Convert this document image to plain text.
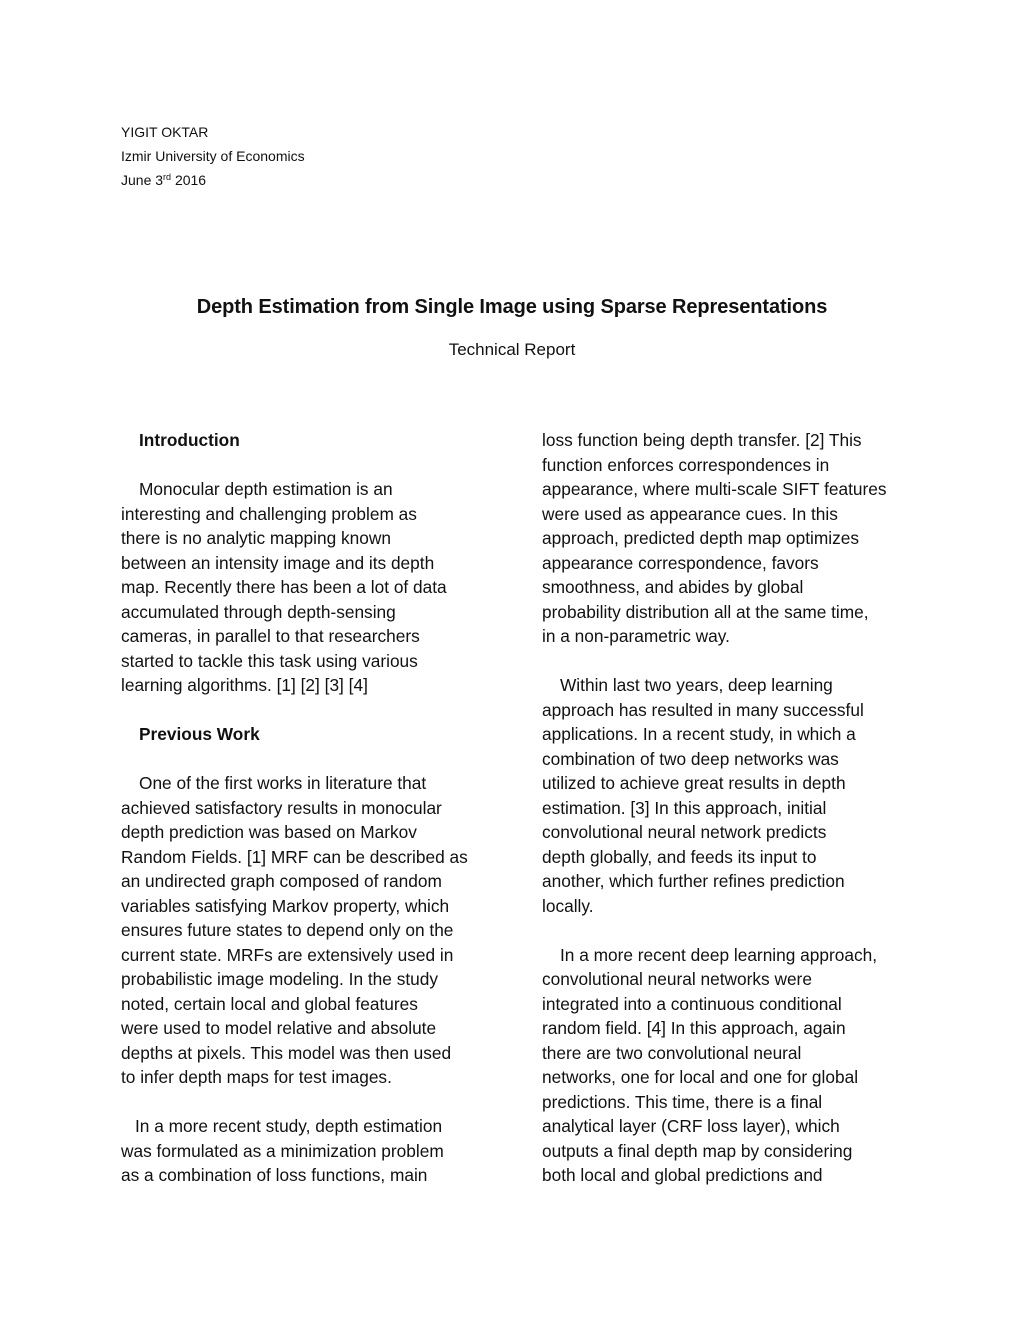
YIGIT OKTAR
Izmir University of Economics
June 3rd 2016
Depth Estimation from Single Image using Sparse Representations
Technical Report

Introduction

Monocular depth estimation is an

interesting and challenging problem as

there is no analytic mapping known

between an intensity image and its depth

map. Recently there has been a lot of data

accumulated through depth-sensing

cameras, in parallel to that researchers

started to tackle this task using various

learning algorithms. [1] [2] [3] [4]

Previous Work

One of the first works in literature that

achieved satisfactory results in monocular

depth prediction was based on Markov

Random Fields. [1] MRF can be described as

an undirected graph composed of random

variables satisfying Markov property, which

ensures future states to depend only on the

current state. MRFs are extensively used in

probabilistic image modeling. In the study

noted, certain local and global features

were used to model relative and absolute

depths at pixels. This model was then used

to infer depth maps for test images.

In a more recent study, depth estimation

was formulated as a minimization problem

as a combination of loss functions, main

loss function being depth transfer. [2] This

function enforces correspondences in

appearance, where multi-scale SIFT features

were used as appearance cues. In this

approach, predicted depth map optimizes

appearance correspondence, favors

smoothness, and abides by global

probability distribution all at the same time,

in a non-parametric way.

Within last two years, deep learning

approach has resulted in many successful

applications. In a recent study, in which a

combination of two deep networks was

utilized to achieve great results in depth

estimation. [3] In this approach, initial

convolutional neural network predicts

depth globally, and feeds its input to

another, which further refines prediction

locally.

In a more recent deep learning approach,

convolutional neural networks were

integrated into a continuous conditional

random field. [4] In this approach, again

there are two convolutional neural

networks, one for local and one for global

predictions. This time, there is a final

analytical layer (CRF loss layer), which

outputs a final depth map by considering

both local and global predictions and
